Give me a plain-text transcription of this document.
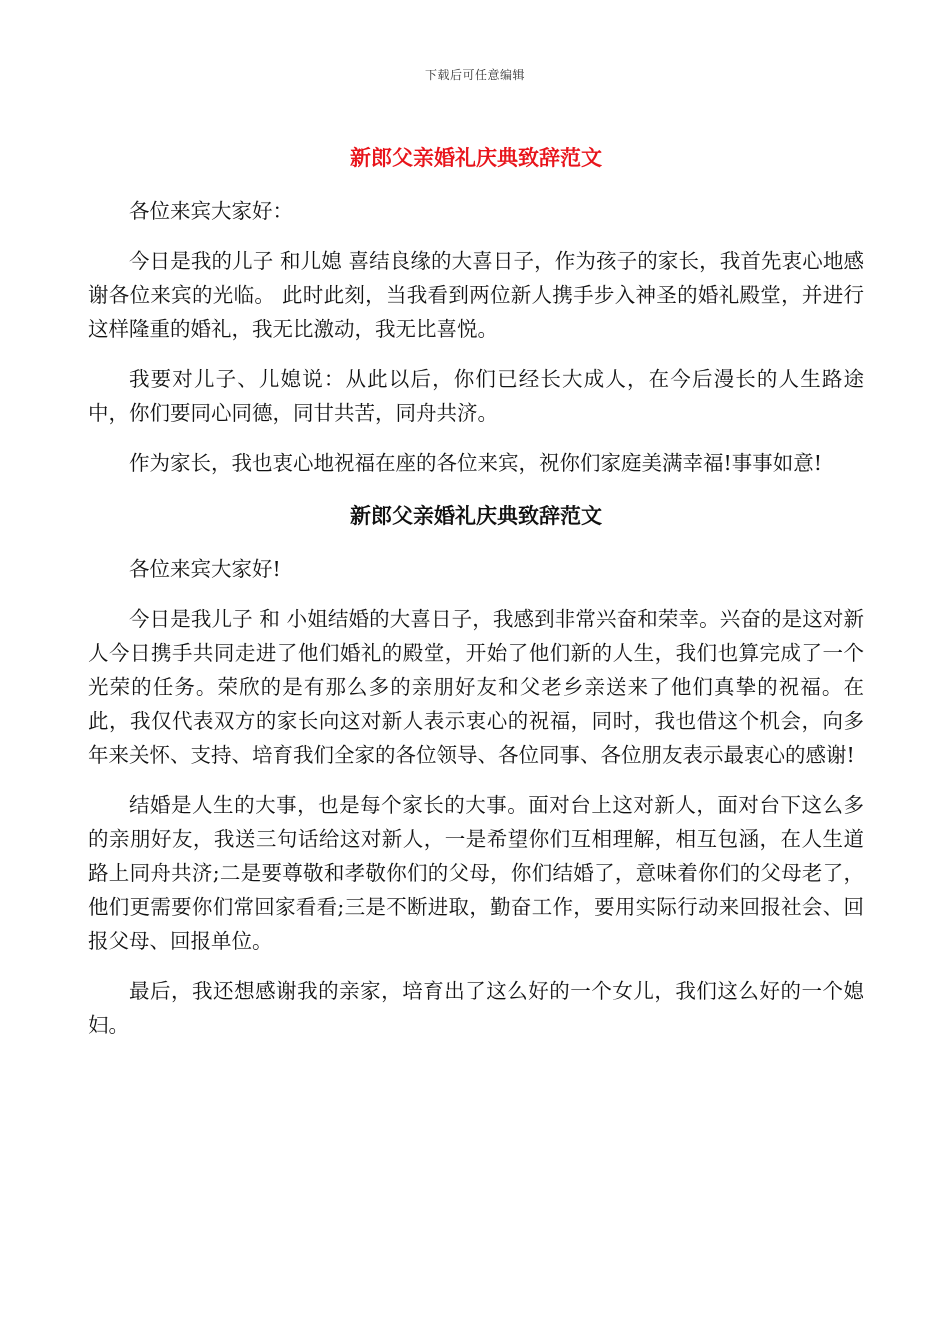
下载后可任意编辑
新郎父亲婚礼庆典致辞范文

各位来宾大家好：

今日是我的儿子 和儿媳 喜结良缘的大喜日子，作为孩子的家长，我首先衷心地感谢各位来宾的光临。 此时此刻，当我看到两位新人携手步入神圣的婚礼殿堂，并进行这样隆重的婚礼，我无比激动，我无比喜悦。

我要对儿子、儿媳说：从此以后，你们已经长大成人，在今后漫长的人生路途中，你们要同心同德，同甘共苦，同舟共济。

作为家长，我也衷心地祝福在座的各位来宾，祝你们家庭美满幸福!事事如意!

新郎父亲婚礼庆典致辞范文

各位来宾大家好!

今日是我儿子 和 小姐结婚的大喜日子，我感到非常兴奋和荣幸。兴奋的是这对新人今日携手共同走进了他们婚礼的殿堂，开始了他们新的人生，我们也算完成了一个光荣的任务。荣欣的是有那么多的亲朋好友和父老乡亲送来了他们真挚的祝福。在此，我仅代表双方的家长向这对新人表示衷心的祝福，同时，我也借这个机会，向多年来关怀、支持、培育我们全家的各位领导、各位同事、各位朋友表示最衷心的感谢!

结婚是人生的大事，也是每个家长的大事。面对台上这对新人，面对台下这么多的亲朋好友，我送三句话给这对新人，一是希望你们互相理解，相互包涵，在人生道路上同舟共济;二是要尊敬和孝敬你们的父母，你们结婚了，意味着你们的父母老了，他们更需要你们常回家看看;三是不断进取，勤奋工作，要用实际行动来回报社会、回报父母、回报单位。

最后，我还想感谢我的亲家，培育出了这么好的一个女儿，我们这么好的一个媳妇。
